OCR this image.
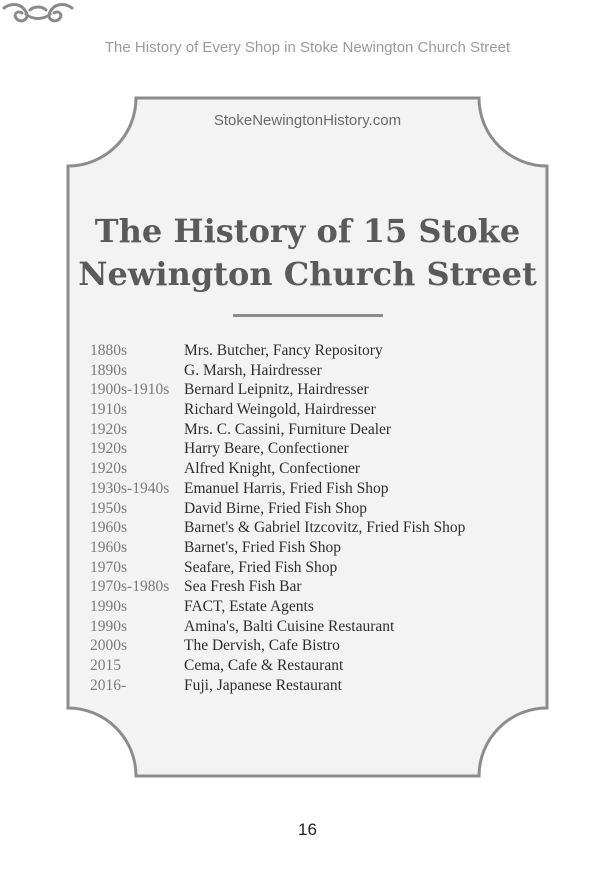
The History of Every Shop in Stoke Newington Church Street
StokeNewingtonHistory.com
The History of 15 Stoke
Newington Church Street
1880s	Mrs. Butcher, Fancy Repository
1890s	G. Marsh, Hairdresser
1900s-1910s Bernard Leipnitz, Hairdresser
1910s	Richard Weingold, Hairdresser
1920s	Mrs. C. Cassini, Furniture Dealer
1920s	Harry Beare, Confectioner
1920s	Alfred Knight, Confectioner
1930s-1940s Emanuel Harris, Fried Fish Shop
1950s	David Birne, Fried Fish Shop
1960s	Barnet's & Gabriel Itzcovitz, Fried Fish Shop
1960s	Barnet's, Fried Fish Shop
1970s	Seafare, Fried Fish Shop
1970s-1980s Sea Fresh Fish Bar
1990s	FACT, Estate Agents
1990s	Amina's, Balti Cuisine Restaurant
2000s	The Dervish, Cafe Bistro
2015	Cema, Cafe & Restaurant
2016-	Fuji, Japanese Restaurant
16
